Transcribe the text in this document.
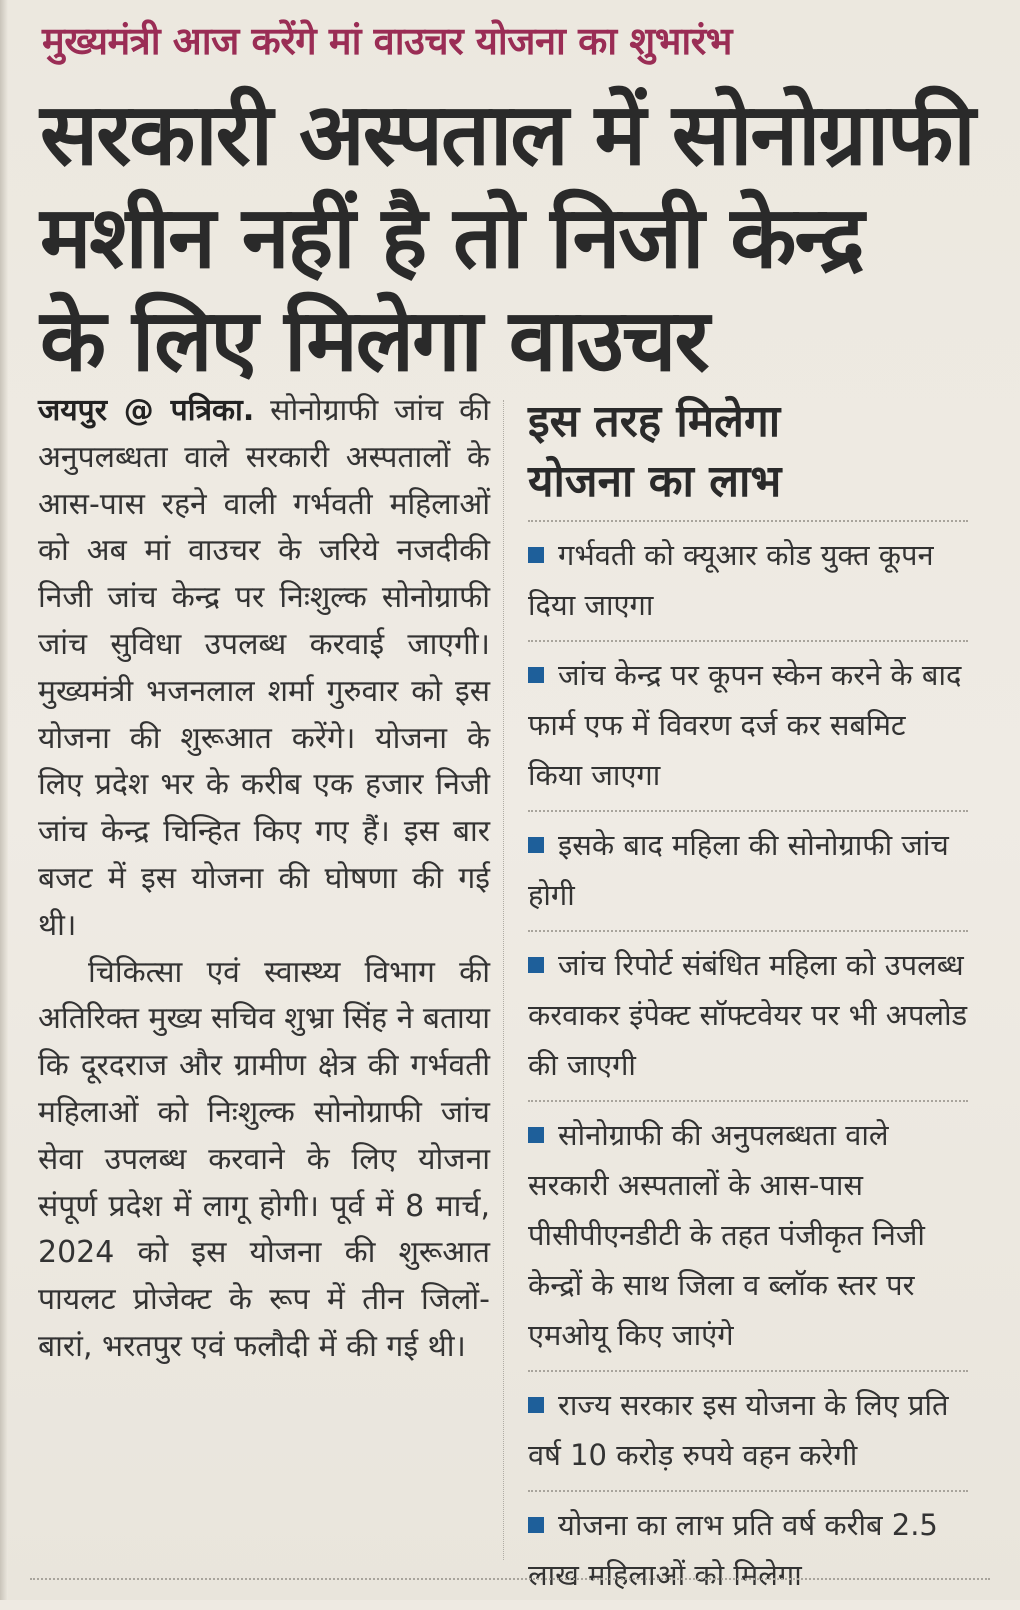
मुख्यमंत्री आज करेंगे मां वाउचर योजना का शुभारंभ
सरकारी अस्पताल में सोनोग्राफी
मशीन नहीं है तो निजी केन्द्र
के लिए मिलेगा वाउचर

जयपुर @ पत्रिका. सोनोग्राफी जांच की अनुपलब्धता वाले सरकारी अस्पतालों के आस-पास रहने वाली गर्भवती महिलाओं को अब मां वाउचर के जरिये नजदीकी निजी जांच केन्द्र पर निःशुल्क सोनोग्राफी जांच सुविधा उपलब्ध करवाई जाएगी। मुख्यमंत्री भजनलाल शर्मा गुरुवार को इस योजना की शुरूआत करेंगे। योजना के लिए प्रदेश भर के करीब एक हजार निजी जांच केन्द्र चिन्हित किए गए हैं। इस बार बजट में इस योजना की घोषणा की गई थी।

चिकित्सा एवं स्वास्थ्य विभाग की अतिरिक्त मुख्य सचिव शुभ्रा सिंह ने बताया कि दूरदराज और ग्रामीण क्षेत्र की गर्भवती महिलाओं को निःशुल्क सोनोग्राफी जांच सेवा उपलब्ध करवाने के लिए योजना संपूर्ण प्रदेश में लागू होगी। पूर्व में 8 मार्च, 2024 को इस योजना की शुरूआत पायलट प्रोजेक्ट के रूप में तीन जिलों-बारां, भरतपुर एवं फलौदी में की गई थी।

इस तरह मिलेगा
योजना का लाभ
गर्भवती को क्यूआर कोड युक्त कूपन दिया जाएगा
जांच केन्द्र पर कूपन स्केन करने के बाद फार्म एफ में विवरण दर्ज कर सबमिट किया जाएगा
इसके बाद महिला की सोनोग्राफी जांच होगी
जांच रिपोर्ट संबंधित महिला को उपलब्ध करवाकर इंपेक्ट सॉफ्टवेयर पर भी अपलोड की जाएगी
सोनोग्राफी की अनुपलब्धता वाले सरकारी अस्पतालों के आस-पास पीसीपीएनडीटी के तहत पंजीकृत निजी केन्द्रों के साथ जिला व ब्लॉक स्तर पर एमओयू किए जाएंगे
राज्य सरकार इस योजना के लिए प्रति वर्ष 10 करोड़ रुपये वहन करेगी
योजना का लाभ प्रति वर्ष करीब 2.5 लाख महिलाओं को मिलेगा
